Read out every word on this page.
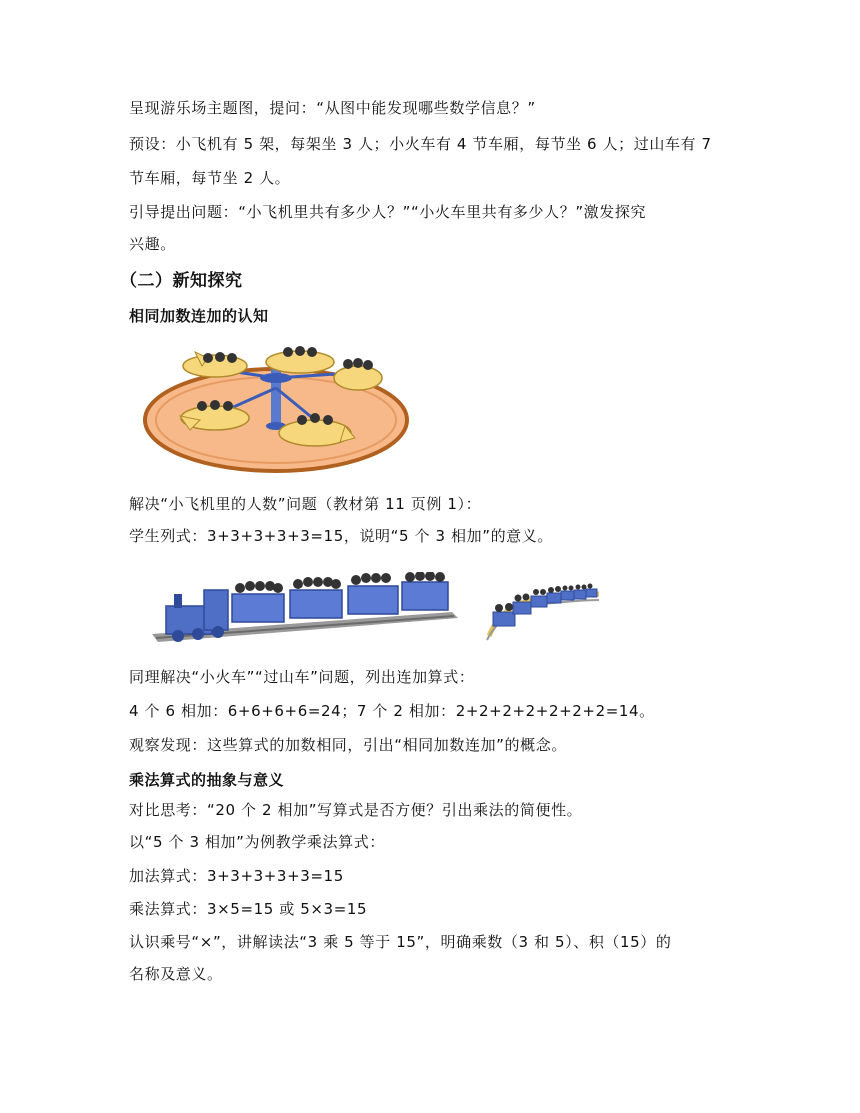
呈现游乐场主题图，提问：“从图中能发现哪些数学信息？”
预设：小飞机有 5 架，每架坐 3 人；小火车有 4 节车厢，每节坐 6 人；过山车有 7
节车厢，每节坐 2 人。
引导提出问题：“小飞机里共有多少人？”“小火车里共有多少人？”激发探究
兴趣。
（二）新知探究
相同加数连加的认知
解决“小飞机里的人数”问题（教材第 11 页例 1）：
学生列式：3+3+3+3+3=15，说明“5 个 3 相加”的意义。
同理解决“小火车”“过山车”问题，列出连加算式：
4 个 6 相加：6+6+6+6=24；7 个 2 相加：2+2+2+2+2+2+2=14。
观察发现：这些算式的加数相同，引出“相同加数连加”的概念。
乘法算式的抽象与意义
对比思考：“20 个 2 相加”写算式是否方便？引出乘法的简便性。
以“5 个 3 相加”为例教学乘法算式：
加法算式：3+3+3+3+3=15
乘法算式：3×5=15 或 5×3=15
认识乘号“×”，讲解读法“3 乘 5 等于 15”，明确乘数（3 和 5）、积（15）的
名称及意义。
